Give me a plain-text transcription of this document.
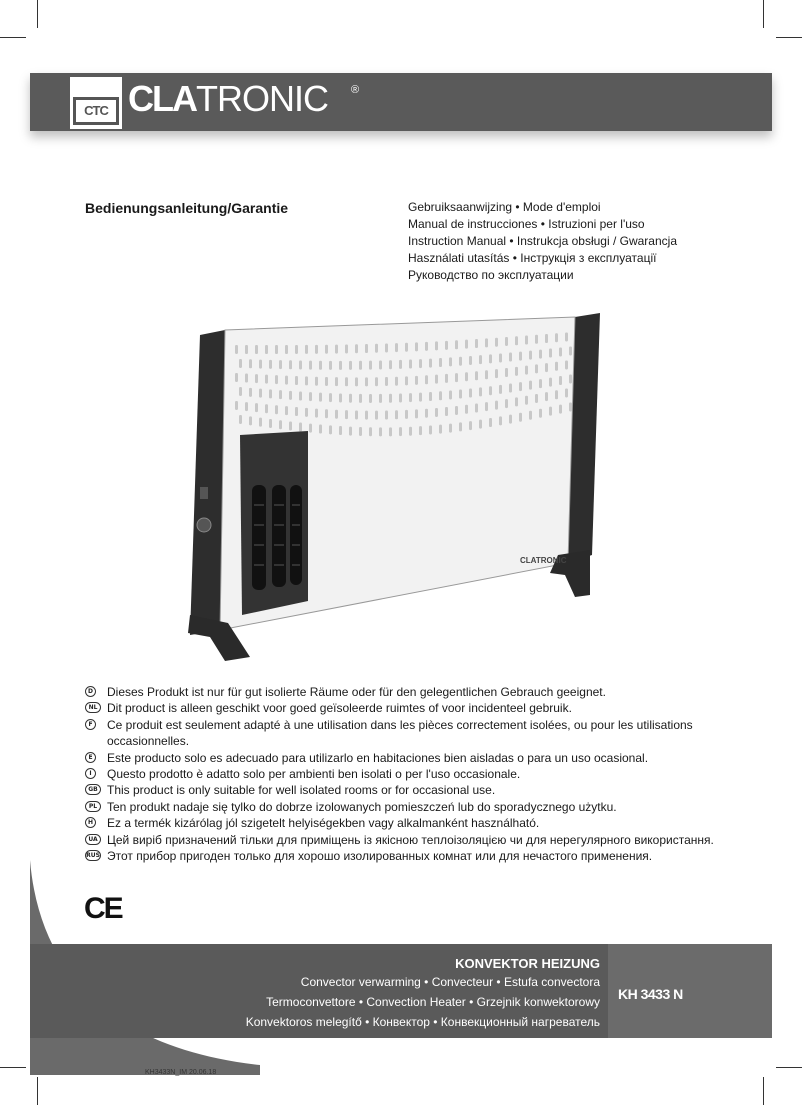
CTC CLATRONIC ®
Bedienungsanleitung/Garantie	Gebruiksaanwijzing • Mode d'emploi
Manual de instrucciones • Istruzioni per l'uso
Instruction Manual • Instrukcja obsługi / Gwarancja
Használati utasítás • Інструкція з експлуатації
Руководство по эксплуатации
CLATRONIC
D Dieses Produkt ist nur für gut isolierte Räume oder für den gelegentlichen Gebrauch geeignet.
NL Dit product is alleen geschikt voor goed geïsoleerde ruimtes of voor incidenteel gebruik.
F Ce produit est seulement adapté à une utilisation dans les pièces correctement isolées, ou pour les utilisations occasionnelles.
E Este producto solo es adecuado para utilizarlo en habitaciones bien aisladas o para un uso ocasional.
I	Questo prodotto è adatto solo per ambienti ben isolati o per l'uso occasionale.
GB This product is only suitable for well isolated rooms or for occasional use.
PL Ten produkt nadaje się tylko do dobrze izolowanych pomieszczeń lub do sporadycznego użytku.
H Ez a termék kizárólag jól szigetelt helyiségekben vagy alkalmanként használható.
UA Цей виріб призначений тільки для приміщень із якісною теплоізоляцією чи для нерегулярного використання.
RUS Этот прибор пригоден только для хорошо изолированных комнат или для нечастого применения.
CE
KONVEKTOR HEIZUNG
Convector verwarming • Convecteur • Estufa convectora
Termoconvettore • Convection Heater • Grzejnik konwektorowy
Konvektoros melegítő • Конвектор • Конвекционный нагреватель
KH 3433 N
KH3433N_IM 20.06.18
